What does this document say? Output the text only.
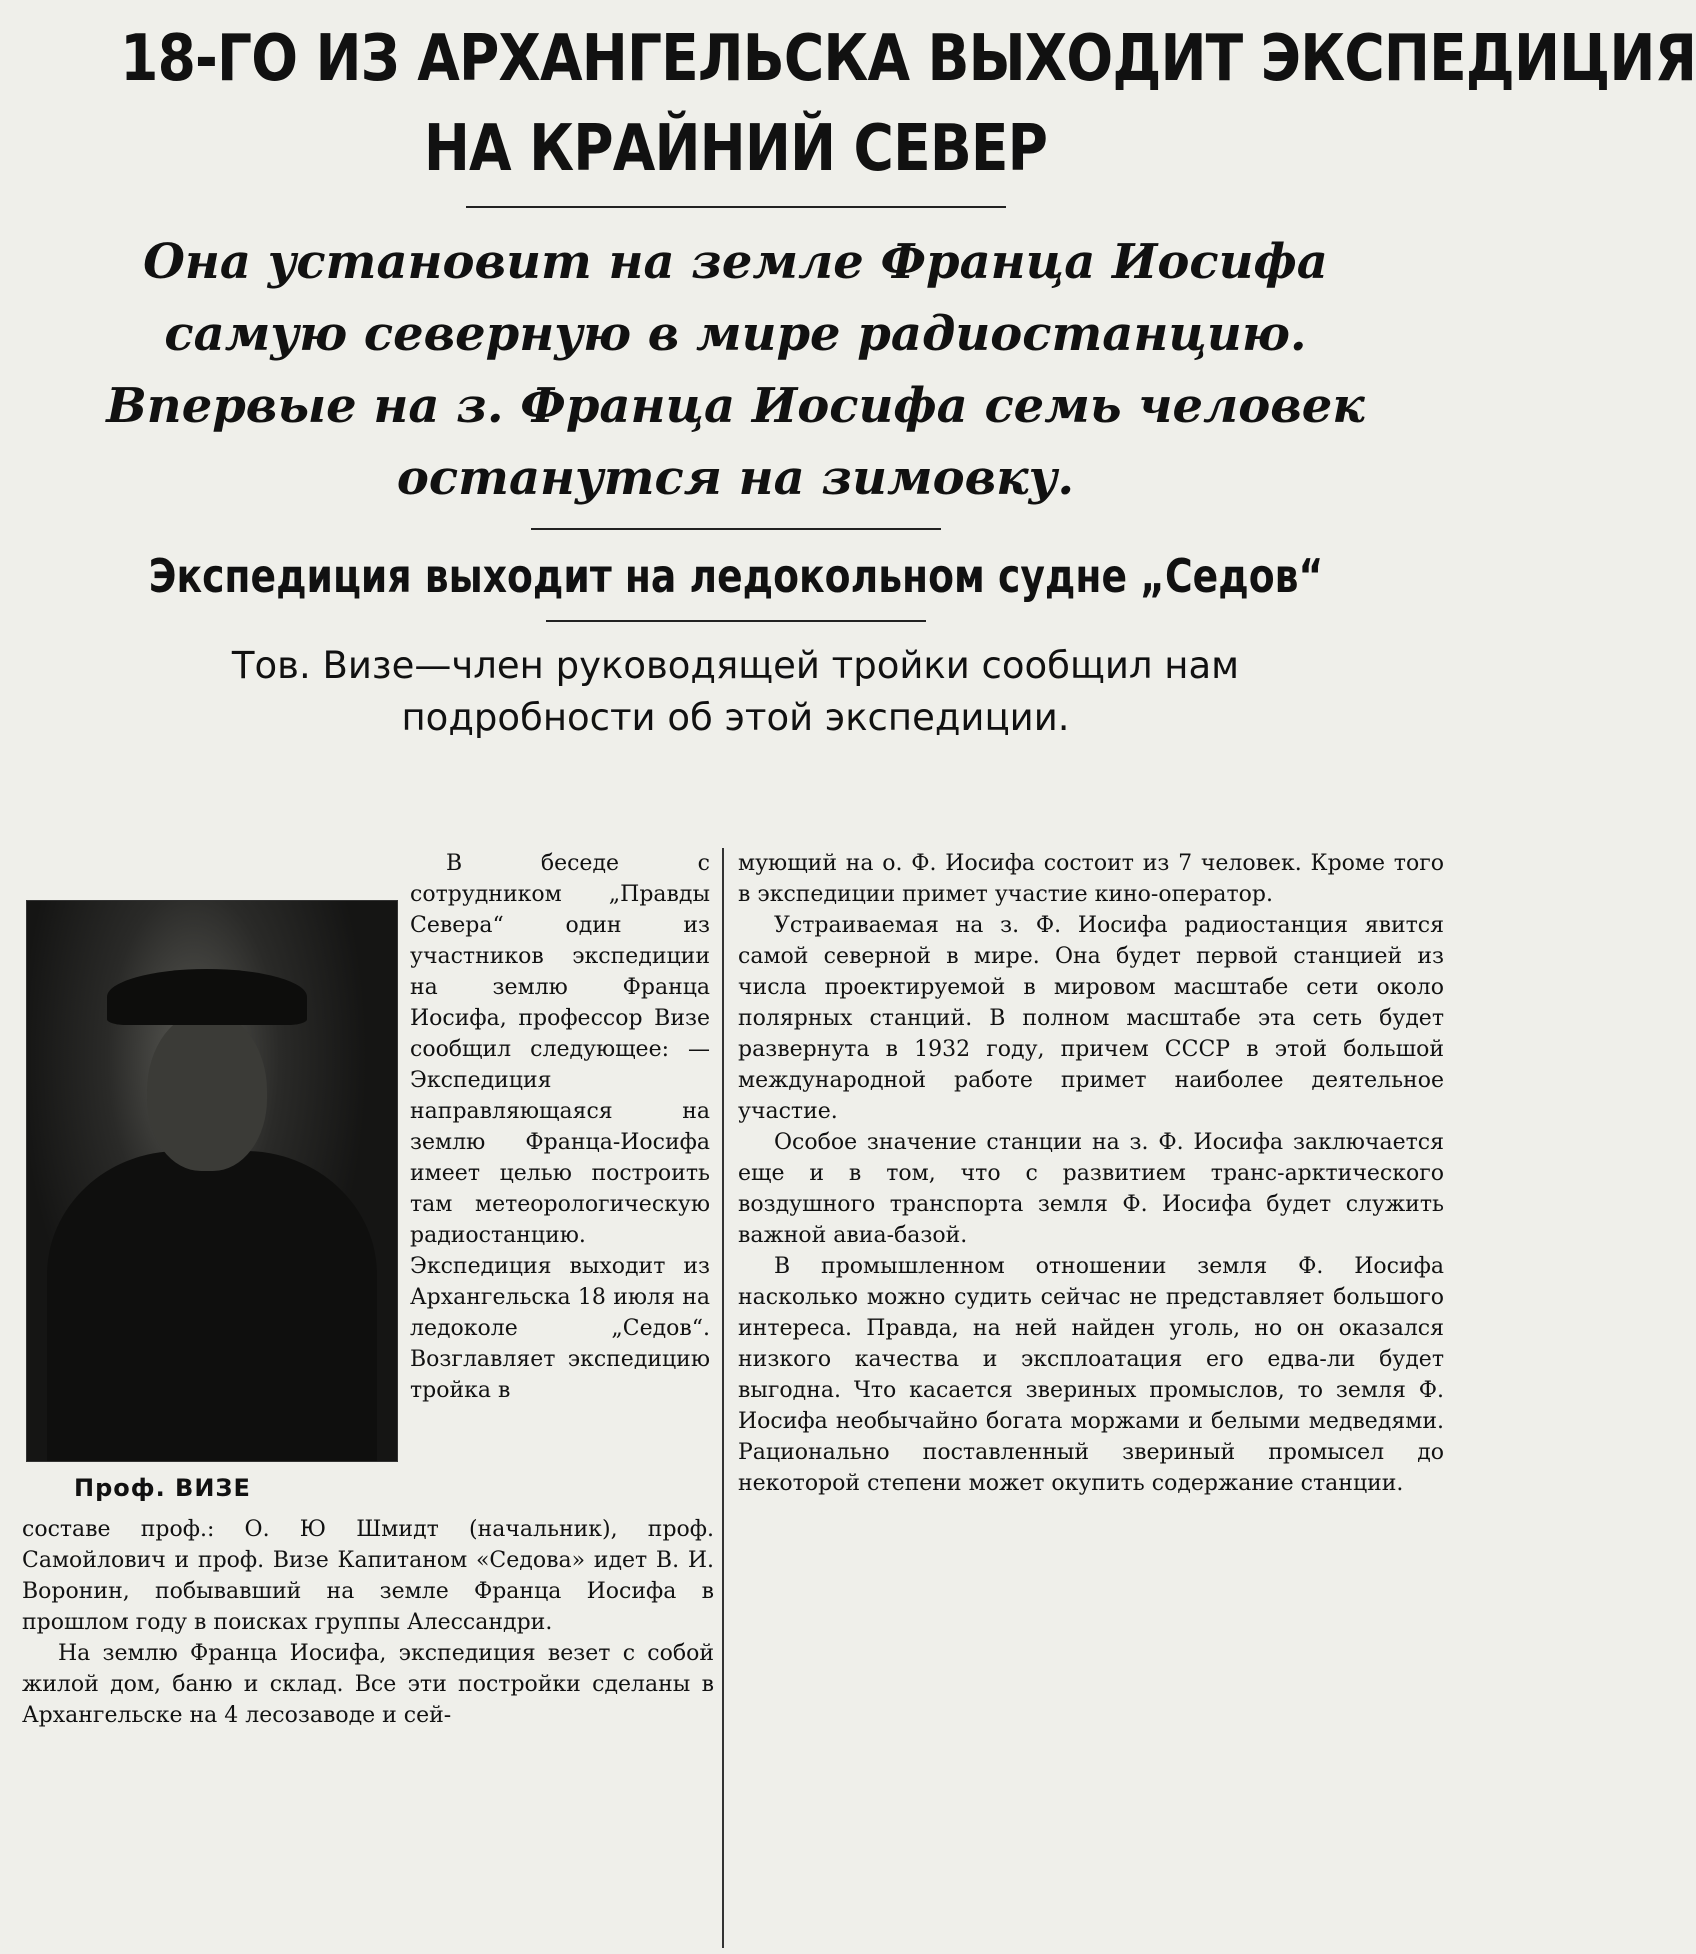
18-ГО ИЗ АРХАНГЕЛЬСКА ВЫХОДИТ ЭКСПЕДИЦИЯ
НА КРАЙНИЙ СЕВЕР
Она установит на земле Франца Иосифа
самую северную в мире радиостанцию.
Впервые на з. Франца Иосифа семь человек
останутся на зимовку.
Экспедиция выходит на ледокольном судне „Седов“

Тов. Визе—член руководящей тройки сообщил нам
подробности об этой экспедиции.

Проф. ВИЗЕ

В беседе с сотрудником „Правды Севера“ один из участников экспедиции на землю Франца Иосифа, профессор Визе сообщил следующее: — Экспедиция направляющаяся на землю Франца-Иосифа имеет целью построить там метеорологическую радиостанцию. Экспедиция выходит из Архангельска 18 июля на ледоколе „Седов“. Возглавляет экспедицию тройка в

составе проф.: О. Ю Шмидт (начальник), проф. Самойлович и проф. Визе Капитаном «Седова» идет В. И. Воронин, побывавший на земле Франца Иосифа в прошлом году в поисках группы Алессандри.

На землю Франца Иосифа, экспедиция везет с собой жилой дом, баню и склад. Все эти постройки сделаны в Архангельске на 4 лесозаводе и сей-

мующий на о. Ф. Иосифа состоит из 7 человек. Кроме того в экспедиции примет участие кино-оператор.

Устраиваемая на з. Ф. Иосифа радиостанция явится самой северной в мире. Она будет первой станцией из числа проектируемой в мировом масштабе сети около полярных станций. В полном масштабе эта сеть будет развернута в 1932 году, причем СССР в этой большой международной работе примет наиболее деятельное участие.

Особое значение станции на з. Ф. Иосифа заключается еще и в том, что с развитием транс-арктического воздушного транспорта земля Ф. Иосифа будет служить важной авиа-базой.

В промышленном отношении земля Ф. Иосифа насколько можно судить сейчас не представляет большого интереса. Правда, на ней найден уголь, но он оказался низкого качества и эксплоатация его едва-ли будет выгодна. Что касается звериных промыслов, то земля Ф. Иосифа необычайно богата моржами и белыми медведями. Рационально поставленный звериный промысел до некоторой степени может окупить содержание станции.
